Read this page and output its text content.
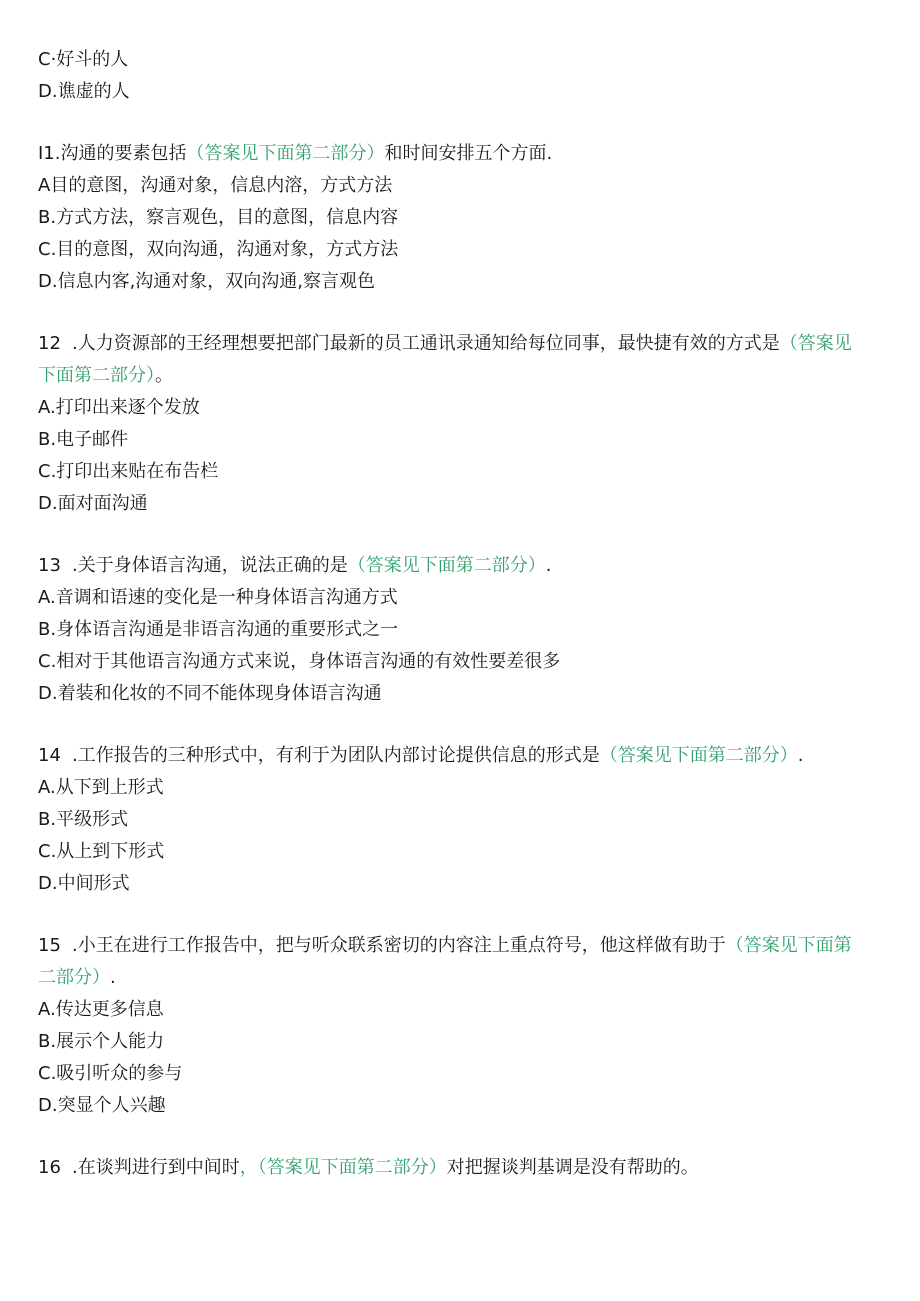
C·好斗的人
D.谯虚的人
I1.沟通的要素包括（答案见下面第二部分）和时间安排五个方面.
A目的意图，沟通对象，信息内溶，方式方法
B.方式方法，察言观色，目的意图，信息内容
C.目的意图，双向沟通，沟通对象，方式方法
D.信息内客,沟通对象，双向沟通,察言观色
12 .人力资源部的王经理想要把部门最新的员工通讯录通知给每位同事，最快捷有效的方式是（答案见
下面第二部分）。
A.打印出来逐个发放
B.电子邮件
C.打印出来贴在布告栏
D.面对面沟通
13 .关于身体语言沟通，说法正确的是（答案见下面第二部分）.
A.音调和语速的变化是一种身体语言沟通方式
B.身体语言沟通是非语言沟通的重要形式之一
C.相对于其他语言沟通方式来说，身体语言沟通的有效性要差很多
D.着装和化妆的不同不能体现身体语言沟通
14 .工作报告的三种形式中，有利于为团队内部讨论提供信息的形式是（答案见下面第二部分）.
A.从下到上形式
B.平级形式
C.从上到下形式
D.中间形式
15 .小王在进行工作报告中，把与听众联系密切的内容注上重点符号，他这样做有助于（答案见下面第
二部分）.
A.传达更多信息
B.展示个人能力
C.吸引听众的参与
D.突显个人兴趣
16 .在谈判进行到中间时，（答案见下面第二部分）对把握谈判基调是没有帮助的。
